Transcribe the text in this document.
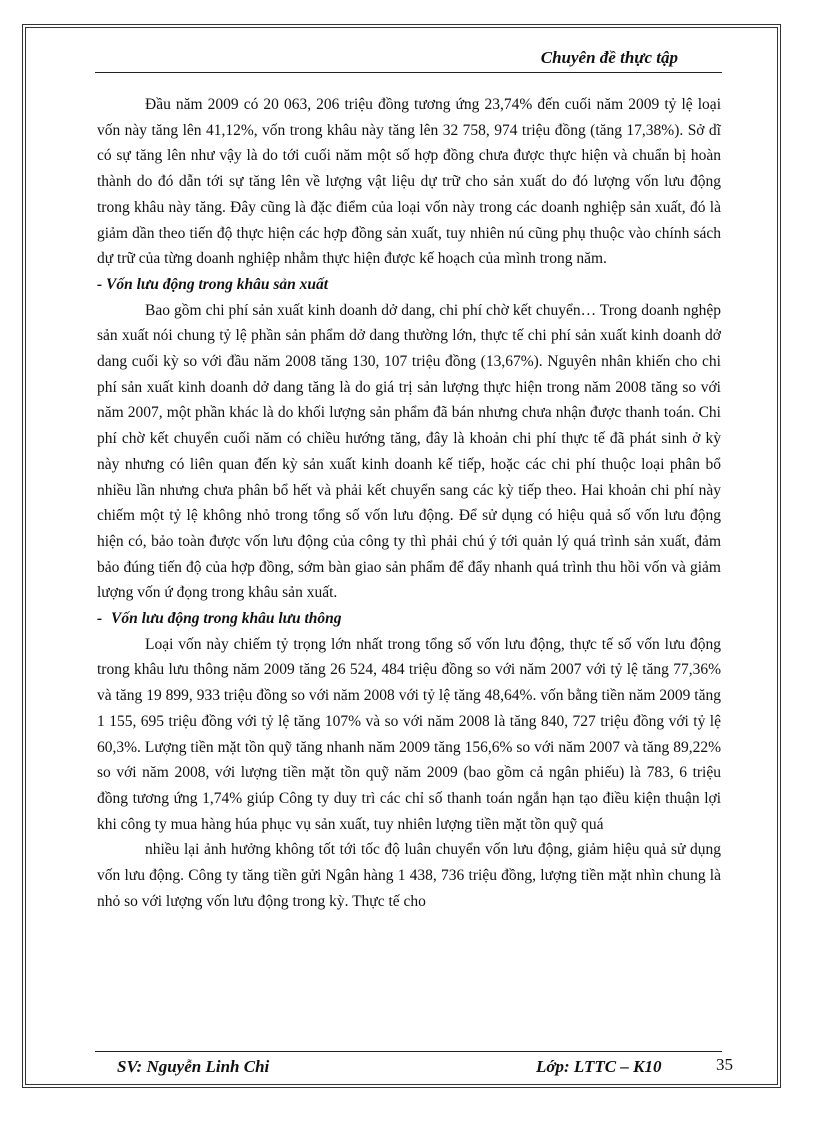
Chuyên đề thực tập

Đầu năm 2009 có 20 063, 206 triệu đồng tương ứng 23,74% đến cuối năm 2009 tỷ lệ loại vốn này tăng lên 41,12%, vốn trong khâu này tăng lên 32 758, 974 triệu đồng (tăng 17,38%). Sở dĩ có sự tăng lên như vậy là do tới cuối năm một số hợp đồng chưa được thực hiện và chuẩn bị hoàn thành do đó dẫn tới sự tăng lên về lượng vật liệu dự trữ cho sản xuất do đó lượng vốn lưu động trong khâu này tăng. Đây cũng là đặc điểm của loại vốn này trong các doanh nghiệp sản xuất, đó là giảm dần theo tiến độ thực hiện các hợp đồng sản xuất, tuy nhiên nú cũng phụ thuộc vào chính sách dự trữ của từng doanh nghiệp nhằm thực hiện được kế hoạch của mình trong năm.

- Vốn lưu động trong khâu sản xuất

Bao gồm chi phí sản xuất kinh doanh dở dang, chi phí chờ kết chuyển… Trong doanh nghệp sản xuất nói chung tỷ lệ phần sản phẩm dở dang thường lớn, thực tế chi phí sản xuất kinh doanh dở dang cuối kỳ so với đầu năm 2008 tăng 130, 107 triệu đồng (13,67%). Nguyên nhân khiến cho chi phí sản xuất kinh doanh dở dang tăng là do giá trị sản lượng thực hiện trong năm 2008 tăng so với năm 2007, một phần khác là do khối lượng sản phẩm đã bán nhưng chưa nhận được thanh toán. Chi phí chờ kết chuyển cuối năm có chiều hướng tăng, đây là khoản chi phí thực tế đã phát sinh ở kỳ này nhưng có liên quan đến kỳ sản xuất kinh doanh kế tiếp, hoặc các chi phí thuộc loại phân bổ nhiều lần nhưng chưa phân bổ hết và phải kết chuyển sang các kỳ tiếp theo. Hai khoản chi phí này chiếm một tỷ lệ không nhỏ trong tổng số vốn lưu động. Để sử dụng có hiệu quả số vốn lưu động hiện có, bảo toàn được vốn lưu động của công ty thì phải chú ý tới quản lý quá trình sản xuất, đảm bảo đúng tiến độ của hợp đồng, sớm bàn giao sản phẩm để đẩy nhanh quá trình thu hồi vốn và giảm lượng vốn ứ đọng trong khâu sản xuất.

- Vốn lưu động trong khâu lưu thông

Loại vốn này chiếm tỷ trọng lớn nhất trong tổng số vốn lưu động, thực tế số vốn lưu động trong khâu lưu thông năm 2009 tăng 26 524, 484 triệu đồng so với năm 2007 với tỷ lệ tăng 77,36% và tăng 19 899, 933 triệu đồng so với năm 2008 với tỷ lệ tăng 48,64%. vốn bằng tiền năm 2009 tăng 1 155, 695 triệu đồng với tỷ lệ tăng 107% và so với năm 2008 là tăng 840, 727 triệu đồng với tỷ lệ 60,3%. Lượng tiền mặt tồn quỹ tăng nhanh năm 2009 tăng 156,6% so với năm 2007 và tăng 89,22% so với năm 2008, với lượng tiền mặt tồn quỹ năm 2009 (bao gồm cả ngân phiếu) là 783, 6 triệu đồng tương ứng 1,74% giúp Công ty duy trì các chỉ số thanh toán ngắn hạn tạo điều kiện thuận lợi khi công ty mua hàng húa phục vụ sản xuất, tuy nhiên lượng tiền mặt tồn quỹ quá

nhiều lại ảnh hưởng không tốt tới tốc độ luân chuyển vốn lưu động, giảm hiệu quả sử dụng vốn lưu động. Công ty tăng tiền gửi Ngân hàng 1 438, 736 triệu đồng, lượng tiền mặt nhìn chung là nhỏ so với lượng vốn lưu động trong kỳ. Thực tế cho

SV: Nguyễn Linh Chi	Lớp: LTTC – K10	35
